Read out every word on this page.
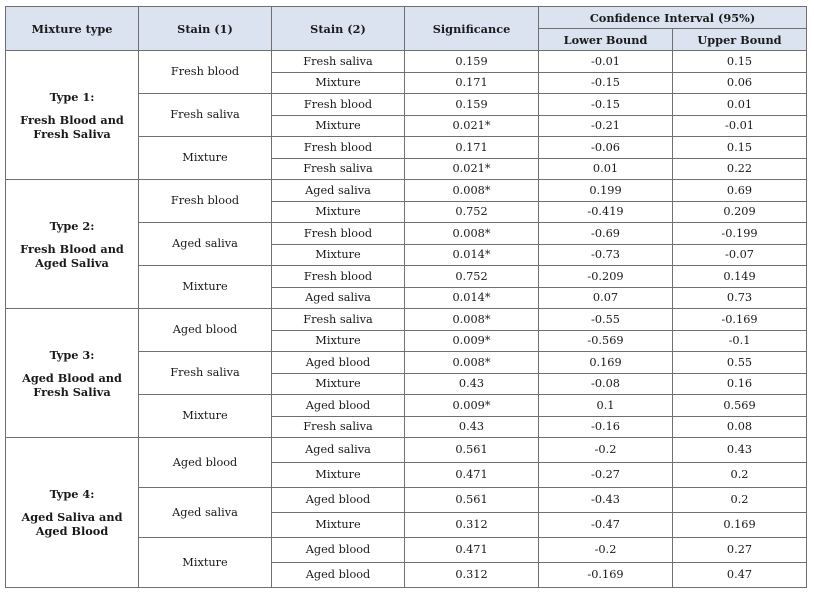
Mixture type	Stain (1)	Stain (2)	Significance	Confidence Interval (95%)	
				Lower Bound	Upper Bound

Type 1:
Fresh Blood and Fresh Saliva	Fresh blood	Fresh saliva	0.159	-0.01	0.15
		Mixture	0.171	-0.15	0.06
	Fresh saliva	Fresh blood	0.159	-0.15	0.01
		Mixture	0.021*	-0.21	-0.01
	Mixture	Fresh blood	0.171	-0.06	0.15
		Fresh saliva	0.021*	0.01	0.22

Type 2:
Fresh Blood and Aged Saliva	Fresh blood	Aged saliva	0.008*	0.199	0.69
		Mixture	0.752	-0.419	0.209
	Aged saliva	Fresh blood	0.008*	-0.69	-0.199
		Mixture	0.014*	-0.73	-0.07
	Mixture	Fresh blood	0.752	-0.209	0.149
		Aged saliva	0.014*	0.07	0.73

Type 3:
Aged Blood and Fresh Saliva	Aged blood	Fresh saliva	0.008*	-0.55	-0.169
		Mixture	0.009*	-0.569	-0.1
	Fresh saliva	Aged blood	0.008*	0.169	0.55
		Mixture	0.43	-0.08	0.16
	Mixture	Aged blood	0.009*	0.1	0.569
		Fresh saliva	0.43	-0.16	0.08

Type 4:
Aged Saliva and Aged Blood	Aged blood	Aged saliva	0.561	-0.2	0.43
		Mixture	0.471	-0.27	0.2
	Aged saliva	Aged blood	0.561	-0.43	0.2
		Mixture	0.312	-0.47	0.169
	Mixture	Aged blood	0.471	-0.2	0.27
		Aged blood	0.312	-0.169	0.47
